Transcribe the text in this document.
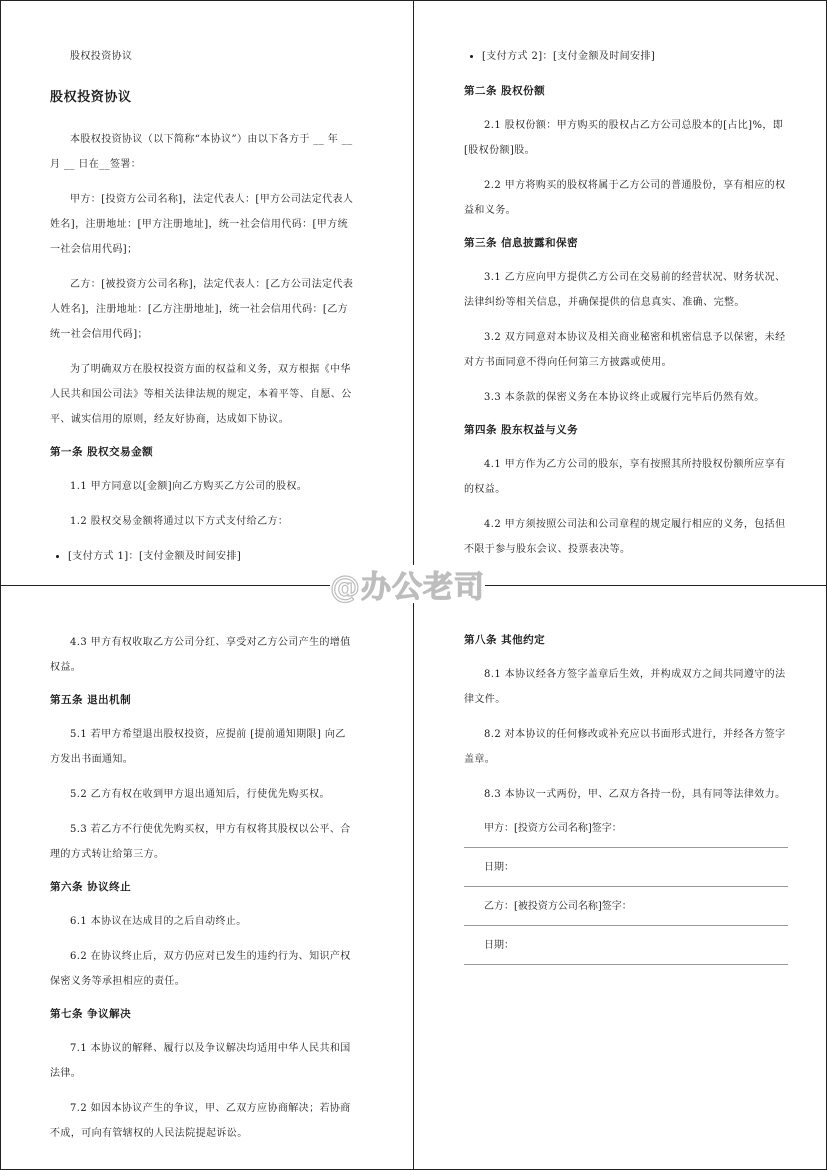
股权投资协议

股权投资协议

本股权投资协议（以下简称“本协议”）由以下各方于 __ 年 __ 月 __ 日在__签署：

甲方：[投资方公司名称]，法定代表人：[甲方公司法定代表人姓名]，注册地址：[甲方注册地址]，统一社会信用代码：[甲方统一社会信用代码]；

乙方：[被投资方公司名称]，法定代表人：[乙方公司法定代表人姓名]，注册地址：[乙方注册地址]，统一社会信用代码：[乙方统一社会信用代码]；

为了明确双方在股权投资方面的权益和义务，双方根据《中华人民共和国公司法》等相关法律法规的规定，本着平等、自愿、公平、诚实信用的原则，经友好协商，达成如下协议。

第一条 股权交易金额

1.1 甲方同意以[金额]向乙方购买乙方公司的股权。

1.2 股权交易金额将通过以下方式支付给乙方：

• [支付方式 1]：[支付金额及时间安排]
• [支付方式 2]：[支付金额及时间安排]
第二条 股权份额

2.1 股权份额：甲方购买的股权占乙方公司总股本的[占比]%，即[股权份额]股。

2.2 甲方将购买的股权将属于乙方公司的普通股份，享有相应的权益和义务。

第三条 信息披露和保密

3.1 乙方应向甲方提供乙方公司在交易前的经营状况、财务状况、法律纠纷等相关信息，并确保提供的信息真实、准确、完整。

3.2 双方同意对本协议及相关商业秘密和机密信息予以保密，未经对方书面同意不得向任何第三方披露或使用。

3.3 本条款的保密义务在本协议终止或履行完毕后仍然有效。

第四条 股东权益与义务

4.1 甲方作为乙方公司的股东，享有按照其所持股权份额所应享有的权益。

4.2 甲方须按照公司法和公司章程的规定履行相应的义务，包括但不限于参与股东会议、投票表决等。

4.3 甲方有权收取乙方公司分红、享受对乙方公司产生的增值权益。

第五条 退出机制

5.1 若甲方希望退出股权投资，应提前 [提前通知期限] 向乙方发出书面通知。

5.2 乙方有权在收到甲方退出通知后，行使优先购买权。

5.3 若乙方不行使优先购买权，甲方有权将其股权以公平、合理的方式转让给第三方。

第六条 协议终止

6.1 本协议在达成目的之后自动终止。

6.2 在协议终止后，双方仍应对已发生的违约行为、知识产权保密义务等承担相应的责任。

第七条 争议解决

7.1 本协议的解释、履行以及争议解决均适用中华人民共和国法律。

7.2 如因本协议产生的争议，甲、乙双方应协商解决；若协商不成，可向有管辖权的人民法院提起诉讼。

第八条 其他约定

8.1 本协议经各方签字盖章后生效，并构成双方之间共同遵守的法律文件。

8.2 对本协议的任何修改或补充应以书面形式进行，并经各方签字盖章。

8.3 本协议一式两份，甲、乙双方各持一份，具有同等法律效力。

甲方：[投资方公司名称]签字：
日期：
乙方：[被投资方公司名称]签字：
日期：
@办公老司
